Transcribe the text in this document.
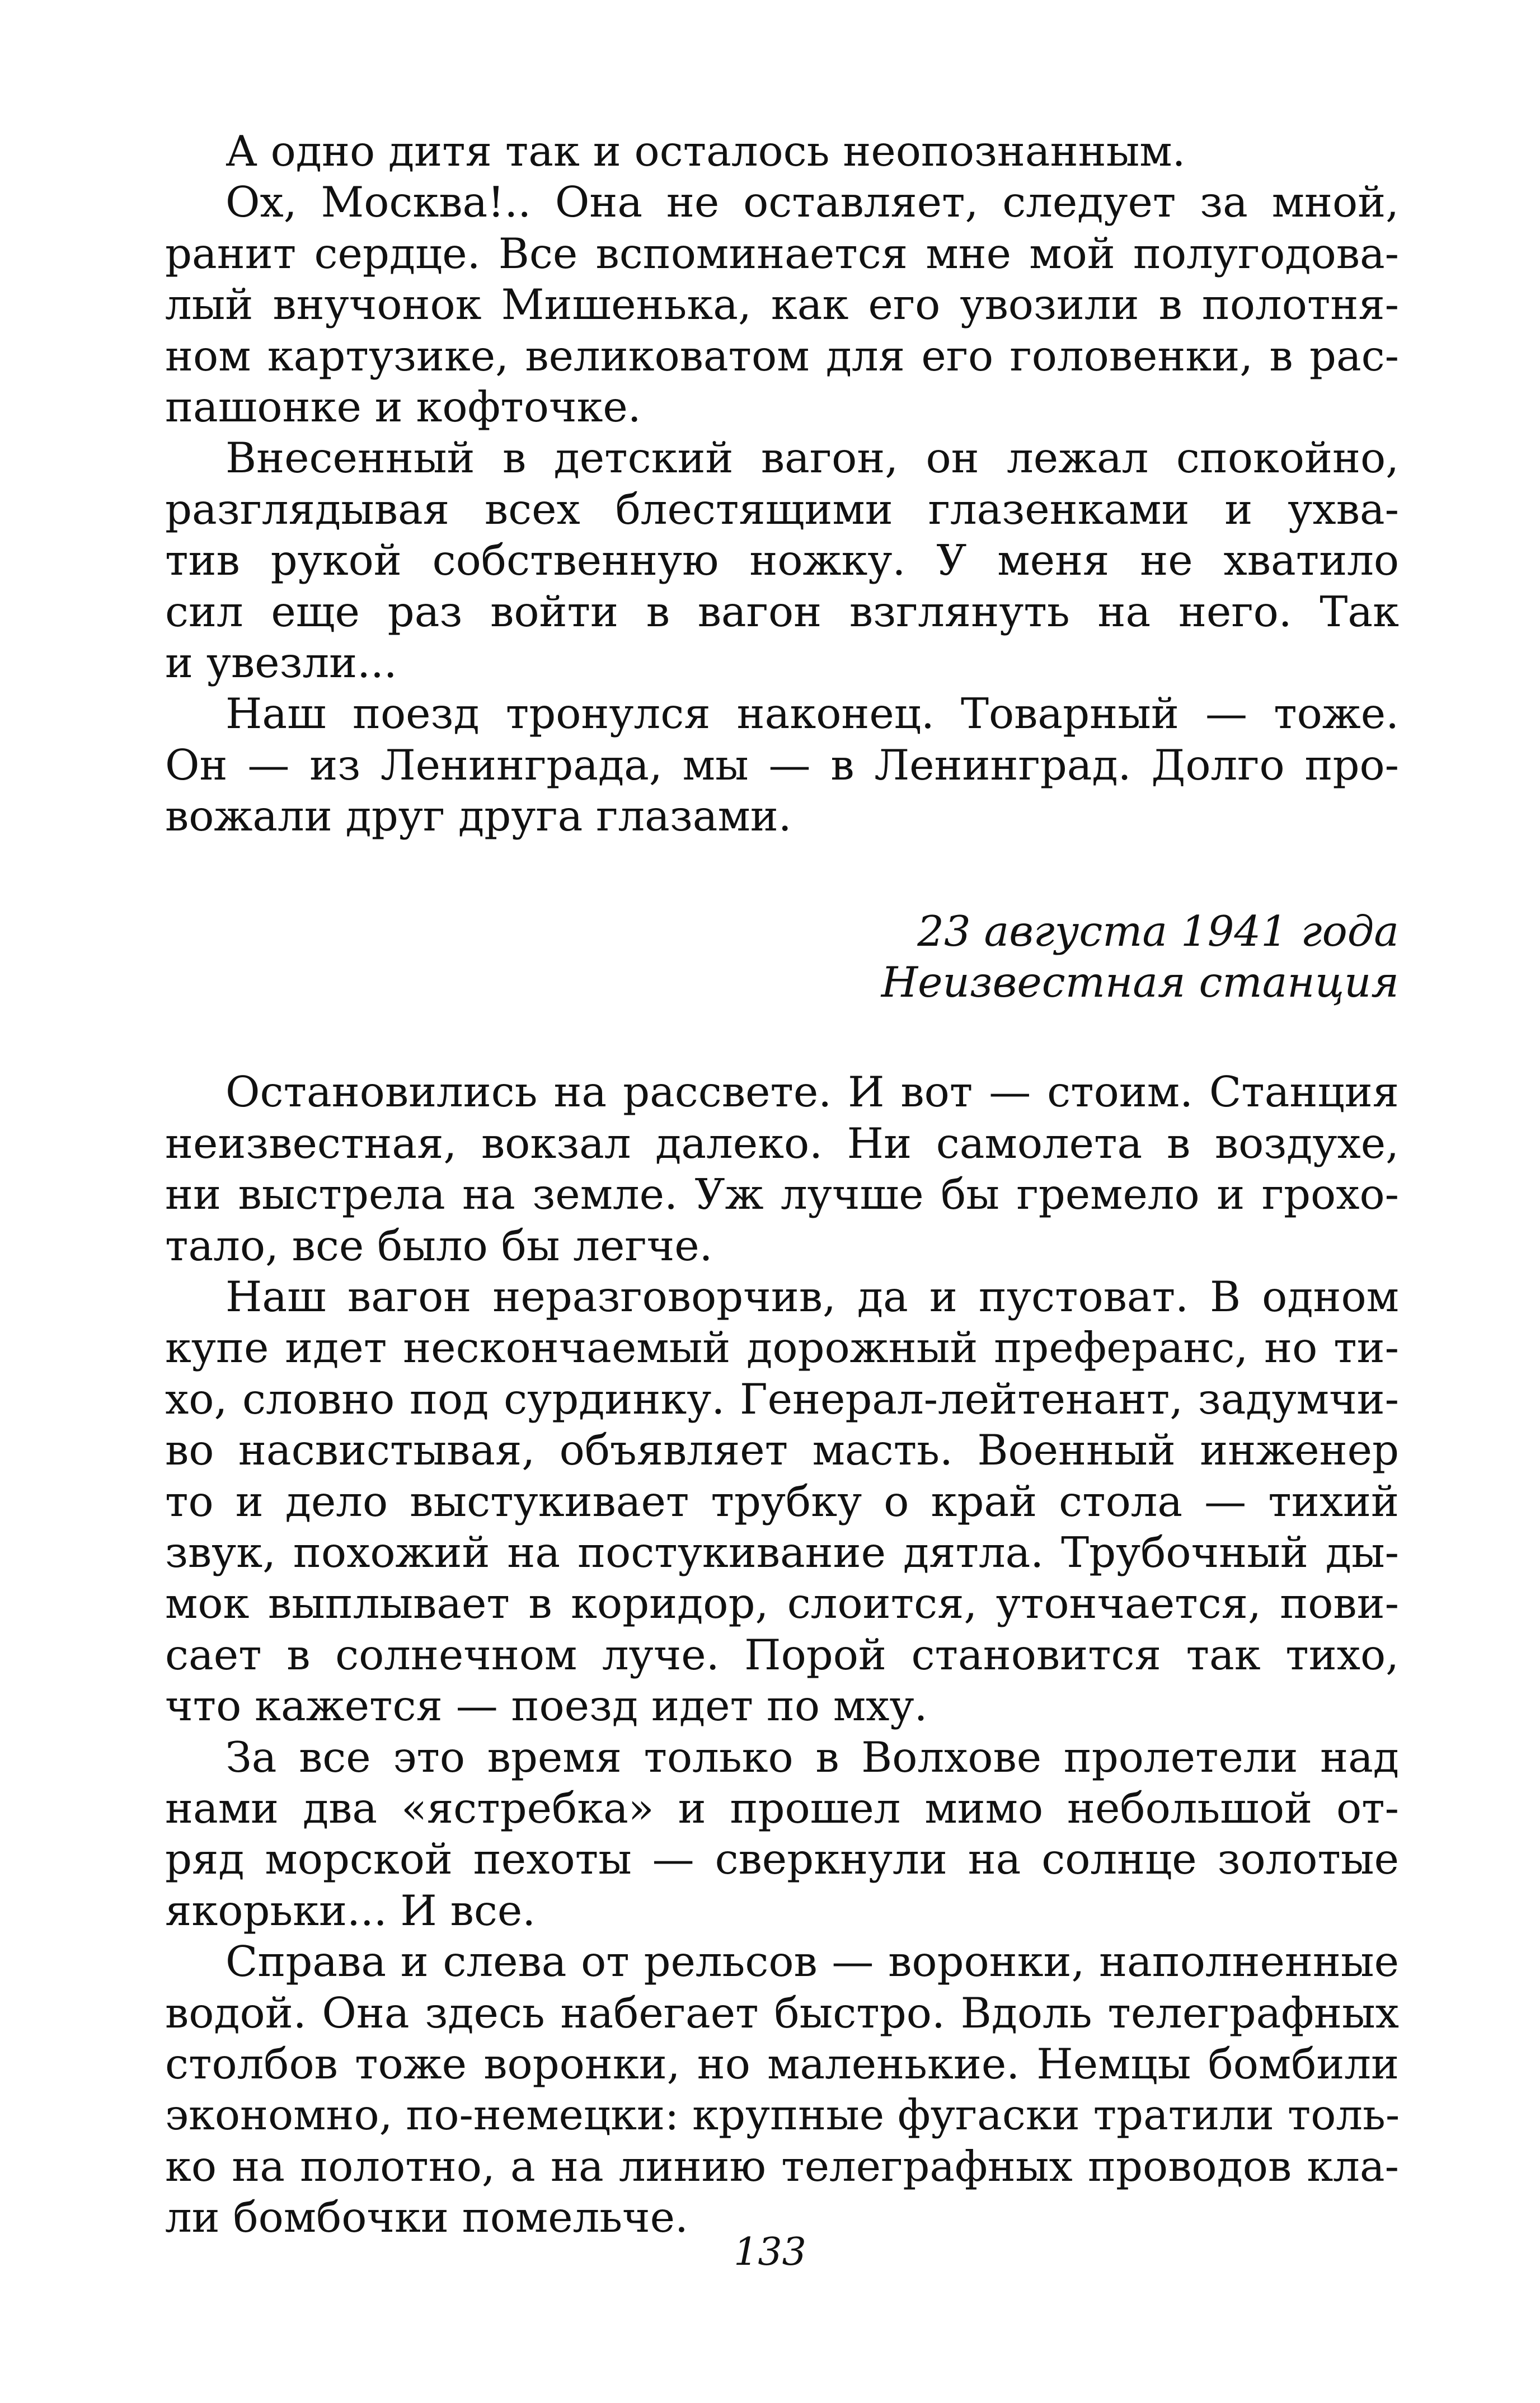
А одно дитя так и осталось неопознанным.
Ох, Москва!.. Она не оставляет, следует за мной,
ранит сердце. Все вспоминается мне мой полугодова-
лый внучонок Мишенька, как его увозили в полотня-
ном картузике, великоватом для его головенки, в рас-
пашонке и кофточке.
Внесенный в детский вагон, он лежал спокойно,
разглядывая всех блестящими глазенками и ухва-
тив рукой собственную ножку. У меня не хватило
сил еще раз войти в вагон взглянуть на него. Так
и увезли...
Наш поезд тронулся наконец. Товарный — тоже.
Он — из Ленинграда, мы — в Ленинград. Долго про-
вожали друг друга глазами.
23 августа 1941 года
Неизвестная станция
Остановились на рассвете. И вот — стоим. Станция
неизвестная, вокзал далеко. Ни самолета в воздухе,
ни выстрела на земле. Уж лучше бы гремело и грохо-
тало, все было бы легче.
Наш вагон неразговорчив, да и пустоват. В одном
купе идет нескончаемый дорожный преферанс, но ти-
хо, словно под сурдинку. Генерал-лейтенант, задумчи-
во насвистывая, объявляет масть. Военный инженер
то и дело выстукивает трубку о край стола — тихий
звук, похожий на постукивание дятла. Трубочный ды-
мок выплывает в коридор, слоится, утончается, пови-
сает в солнечном луче. Порой становится так тихо,
что кажется — поезд идет по мху.
За все это время только в Волхове пролетели над
нами два «ястребка» и прошел мимо небольшой от-
ряд морской пехоты — сверкнули на солнце золотые
якорьки... И все.
Справа и слева от рельсов — воронки, наполненные
водой. Она здесь набегает быстро. Вдоль телеграфных
столбов тоже воронки, но маленькие. Немцы бомбили
экономно, по-немецки: крупные фугаски тратили толь-
ко на полотно, а на линию телеграфных проводов кла-
ли бомбочки помельче.
133
